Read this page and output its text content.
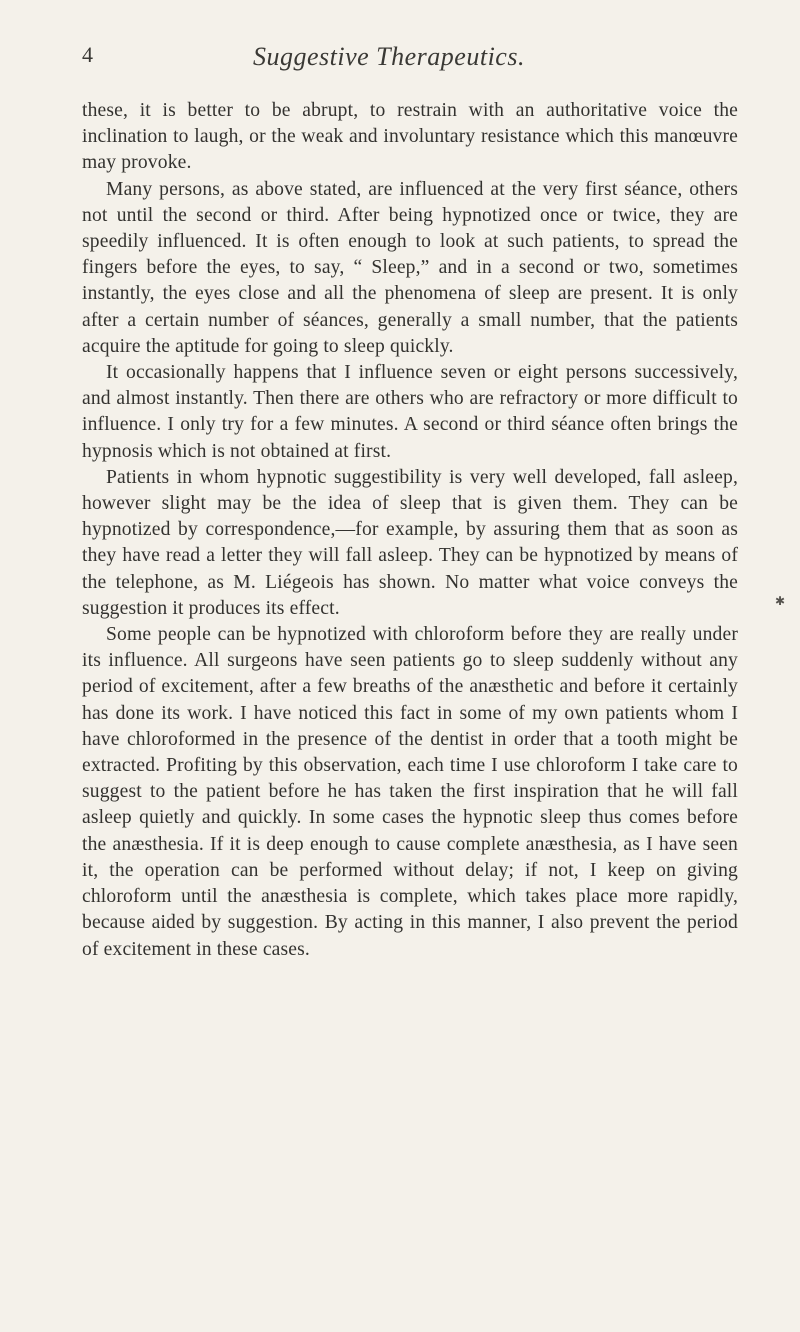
4	Suggestive Therapeutics.

these, it is better to be abrupt, to restrain with an authoritative voice the inclination to laugh, or the weak and involuntary resistance which this manœuvre may provoke.

Many persons, as above stated, are influenced at the very first séance, others not until the second or third. After being hypnotized once or twice, they are speedily influenced. It is often enough to look at such patients, to spread the fingers before the eyes, to say, “ Sleep,” and in a second or two, sometimes instantly, the eyes close and all the phenomena of sleep are present. It is only after a certain number of séances, generally a small number, that the patients acquire the aptitude for going to sleep quickly.

It occasionally happens that I influence seven or eight persons successively, and almost instantly. Then there are others who are refractory or more difficult to influence. I only try for a few minutes. A second or third séance often brings the hypnosis which is not obtained at first.

Patients in whom hypnotic suggestibility is very well developed, fall asleep, however slight may be the idea of sleep that is given them. They can be hypnotized by correspondence,—for example, by assuring them that as soon as they have read a letter they will fall asleep. They can be hypnotized by means of the telephone, as M. Liégeois has shown. No matter what voice conveys the suggestion it produces its effect.

Some people can be hypnotized with chloroform before they are really under its influence. All surgeons have seen patients go to sleep suddenly without any period of excitement, after a few breaths of the anæsthetic and before it certainly has done its work. I have noticed this fact in some of my own patients whom I have chloroformed in the presence of the dentist in order that a tooth might be extracted. Profiting by this observation, each time I use chloroform I take care to suggest to the patient before he has taken the first inspiration that he will fall asleep quietly and quickly. In some cases the hypnotic sleep thus comes before the anæsthesia. If it is deep enough to cause complete anæsthesia, as I have seen it, the operation can be performed without delay; if not, I keep on giving chloroform until the anæsthesia is complete, which takes place more rapidly, because aided by suggestion. By acting in this manner, I also prevent the period of excitement in these cases.

✱
